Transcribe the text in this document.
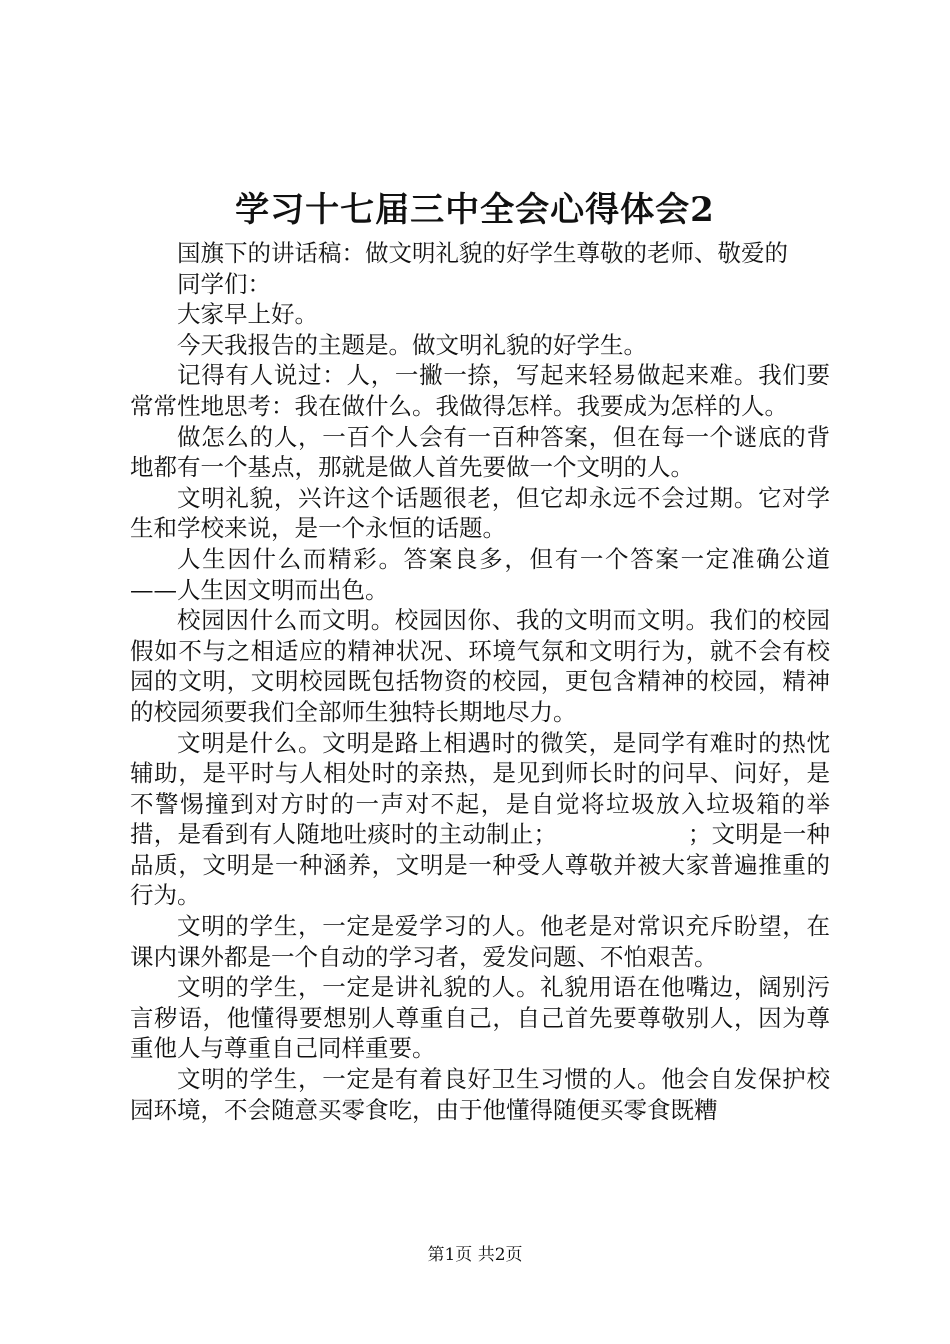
学习十七届三中全会心得体会2

国旗下的讲话稿：做文明礼貌的好学生尊敬的老师、敬爱的

同学们：

大家早上好。

今天我报告的主题是。做文明礼貌的好学生。

记得有人说过：人，一撇一捺，写起来轻易做起来难。我们要常常性地思考：我在做什么。我做得怎样。我要成为怎样的人。

做怎么的人，一百个人会有一百种答案，但在每一个谜底的背地都有一个基点，那就是做人首先要做一个文明的人。

文明礼貌，兴许这个话题很老，但它却永远不会过期。它对学生和学校来说，是一个永恒的话题。

人生因什么而精彩。答案良多，但有一个答案一定准确公道——人生因文明而出色。

校园因什么而文明。校园因你、我的文明而文明。我们的校园假如不与之相适应的精神状况、环境气氛和文明行为，就不会有校园的文明，文明校园既包括物资的校园，更包含精神的校园，精神的校园须要我们全部师生独特长期地尽力。

文明是什么。文明是路上相遇时的微笑，是同学有难时的热忱辅助，是平时与人相处时的亲热，是见到师长时的问早、问好，是不警惕撞到对方时的一声对不起，是自觉将垃圾放入垃圾箱的举措，是看到有人随地吐痰时的主动制止；　　　　　　；文明是一种品质，文明是一种涵养，文明是一种受人尊敬并被大家普遍推重的行为。

文明的学生，一定是爱学习的人。他老是对常识充斥盼望，在课内课外都是一个自动的学习者，爱发问题、不怕艰苦。

文明的学生，一定是讲礼貌的人。礼貌用语在他嘴边，阔别污言秽语，他懂得要想别人尊重自己，自己首先要尊敬别人，因为尊重他人与尊重自己同样重要。

文明的学生，一定是有着良好卫生习惯的人。他会自发保护校园环境，不会随意买零食吃，由于他懂得随便买零食既糟

第1页 共2页
